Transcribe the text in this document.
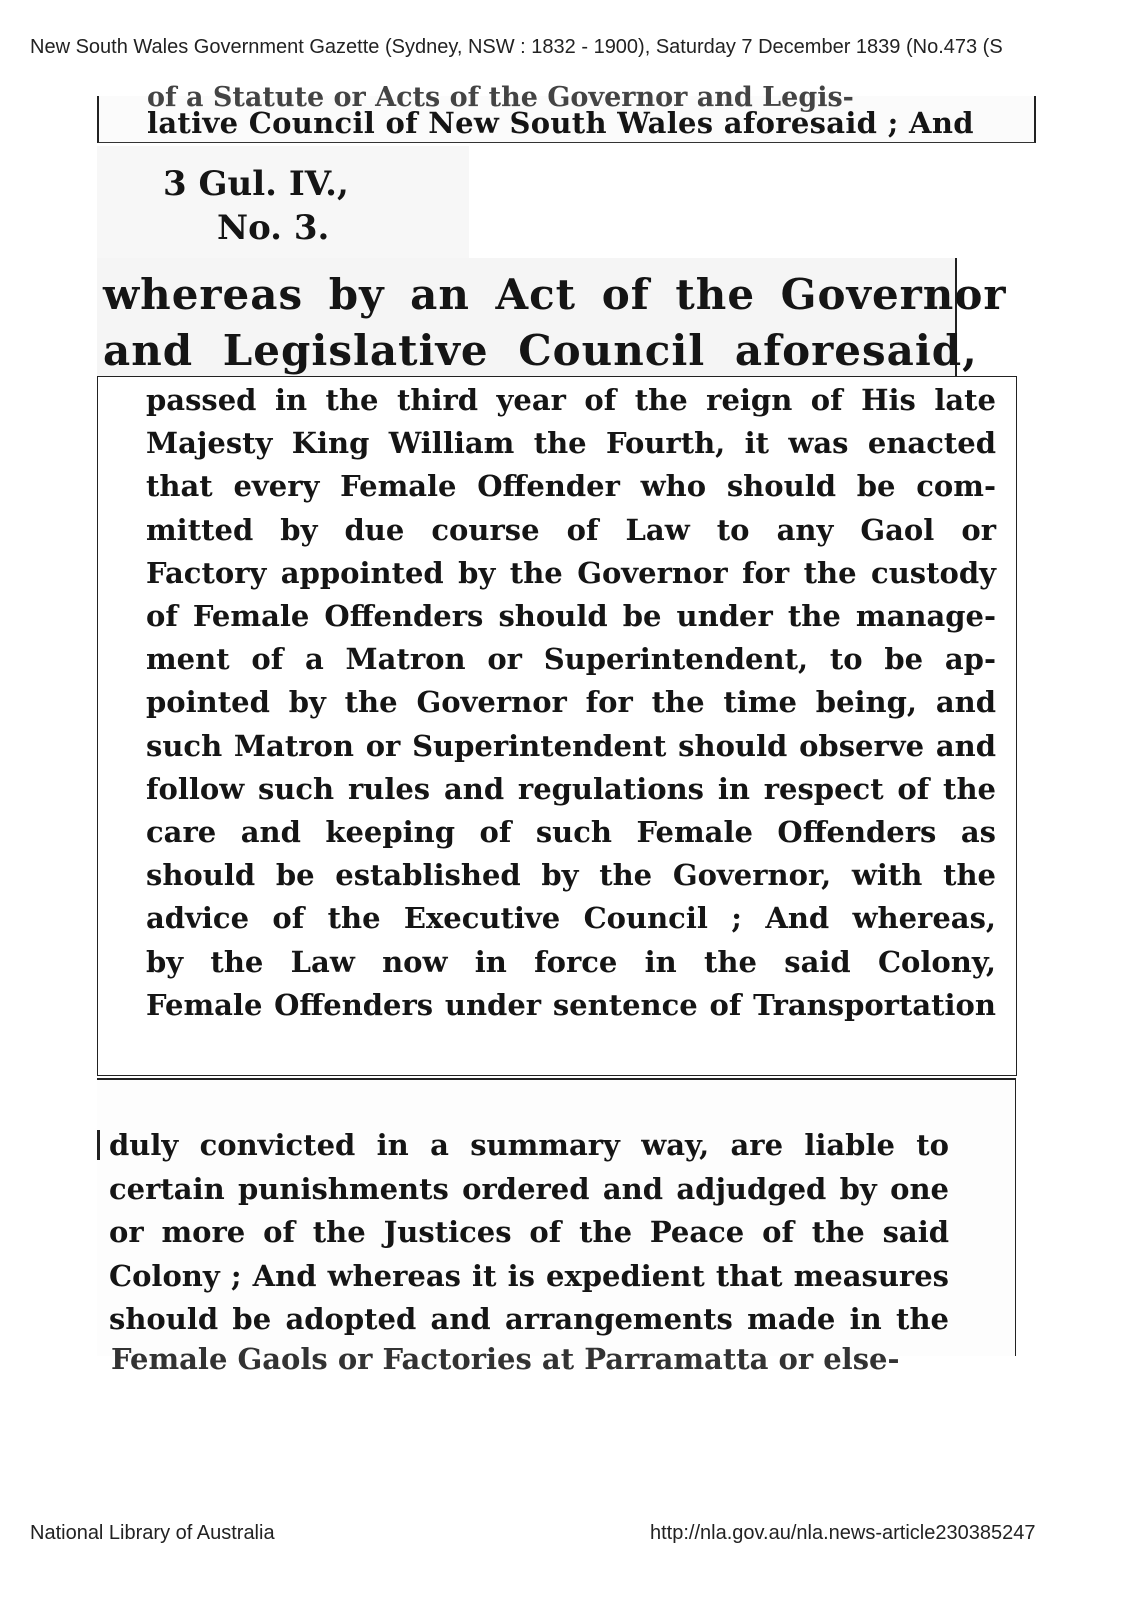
New South Wales Government Gazette (Sydney, NSW : 1832 - 1900), Saturday 7 December 1839 (No.473 (S
of a Statute or Acts of the Governor and Legis-
lative Council of New South Wales aforesaid ; And
3 Gul. IV.,
No. 3.
whereas by an Act of the Governor
and Legislative Council aforesaid,
passed in the third year of the reign of His late
Majesty King William the Fourth, it was enacted
that every Female Offender who should be com-
mitted by due course of Law to any Gaol or
Factory appointed by the Governor for the custody
of Female Offenders should be under the manage-
ment of a Matron or Superintendent, to be ap-
pointed by the Governor for the time being, and
such Matron or Superintendent should observe and
follow such rules and regulations in respect of the
care and keeping of such Female Offenders as
should be established by the Governor, with the
advice of the Executive Council ; And whereas,
by the Law now in force in the said Colony,
Female Offenders under sentence of Transportation
duly convicted in a summary way, are liable to
certain punishments ordered and adjudged by one
or more of the Justices of the Peace of the said
Colony ; And whereas it is expedient that measures
should be adopted and arrangements made in the
Female Gaols or Factories at Parramatta or else-
National Library of Australia	http://nla.gov.au/nla.news-article230385247
